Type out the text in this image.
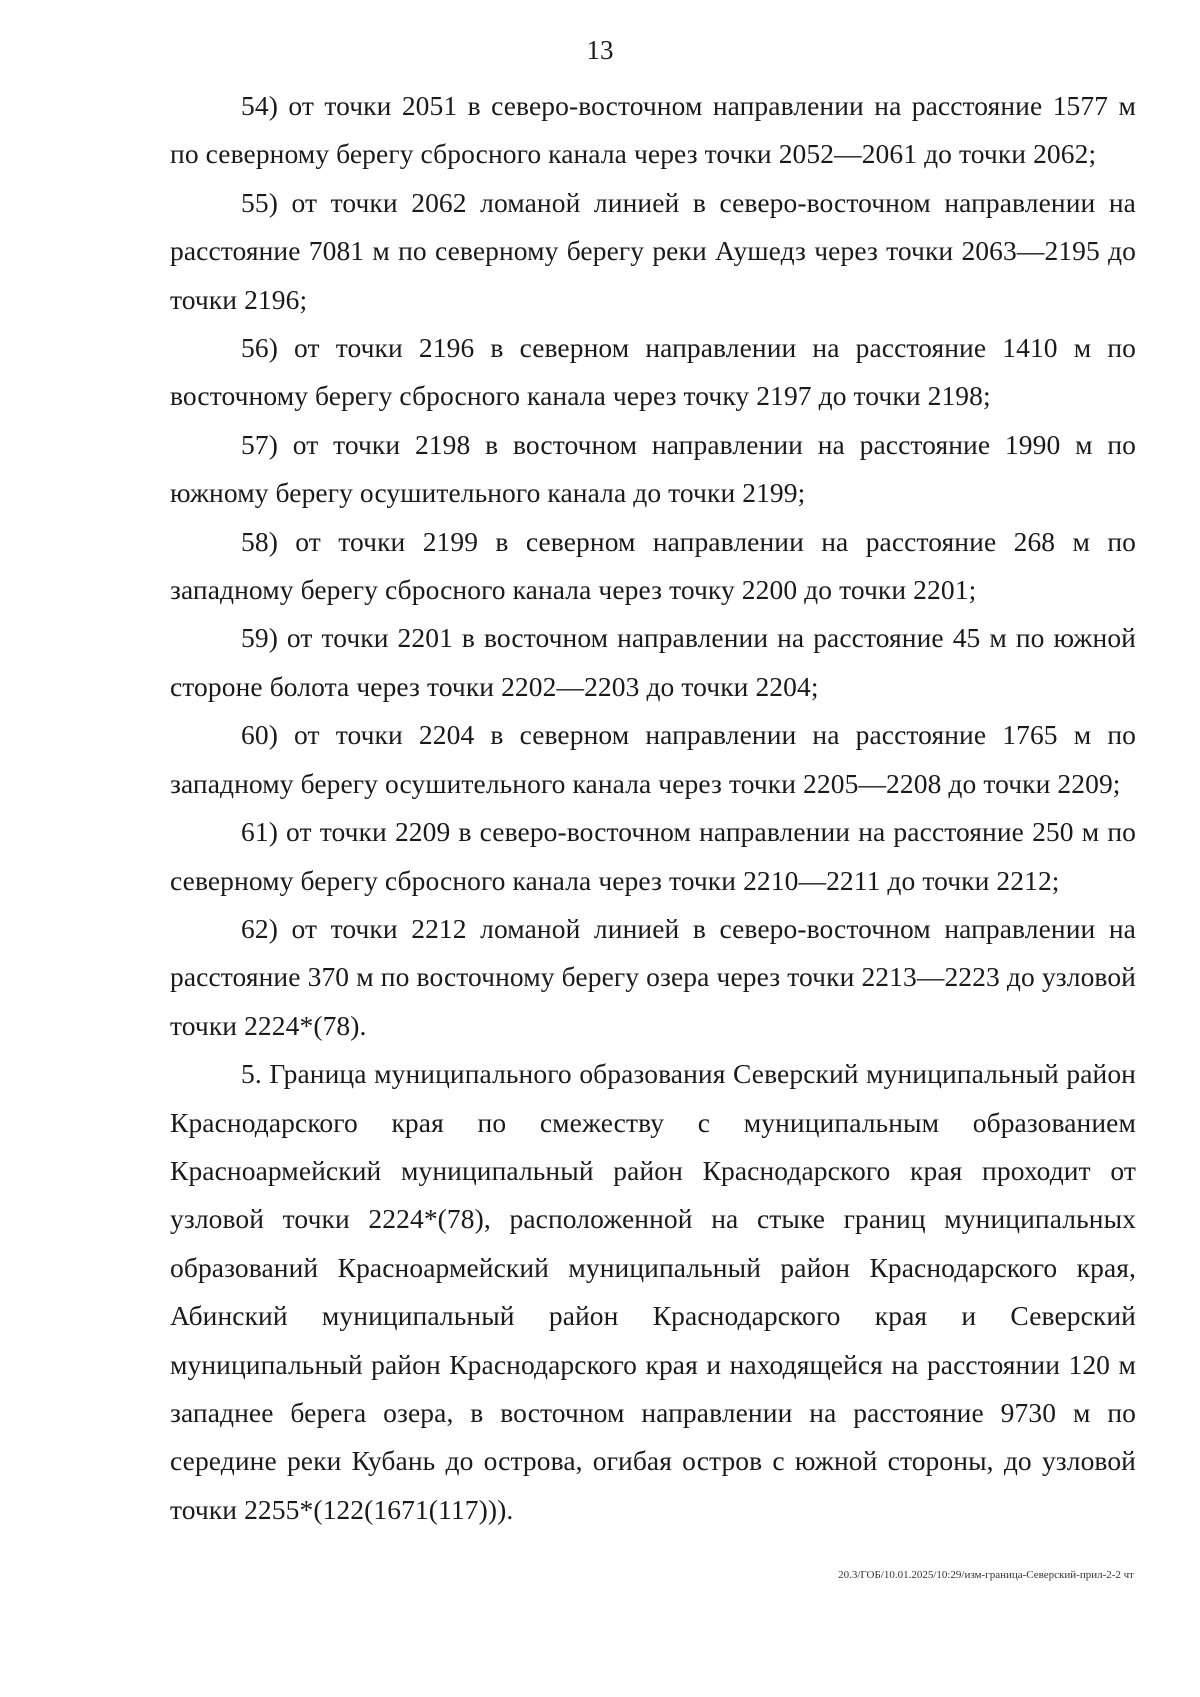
13

54) от точки 2051 в северо-восточном направлении на расстояние 1577 м по северному берегу сбросного канала через точки 2052—2061 до точки 2062;

55) от точки 2062 ломаной линией в северо-восточном направлении на расстояние 7081 м по северному берегу реки Аушедз через точки 2063—2195 до точки 2196;

56) от точки 2196 в северном направлении на расстояние 1410 м по восточному берегу сбросного канала через точку 2197 до точки 2198;

57) от точки 2198 в восточном направлении на расстояние 1990 м по южному берегу осушительного канала до точки 2199;

58) от точки 2199 в северном направлении на расстояние 268 м по западному берегу сбросного канала через точку 2200 до точки 2201;

59) от точки 2201 в восточном направлении на расстояние 45 м по южной стороне болота через точки 2202—2203 до точки 2204;

60) от точки 2204 в северном направлении на расстояние 1765 м по западному берегу осушительного канала через точки 2205—2208 до точки 2209;

61) от точки 2209 в северо-восточном направлении на расстояние 250 м по северному берегу сбросного канала через точки 2210—2211 до точки 2212;

62) от точки 2212 ломаной линией в северо-восточном направлении на расстояние 370 м по восточному берегу озера через точки 2213—2223 до узловой точки 2224*(78).

5. Граница муниципального образования Северский муниципальный район Краснодарского края по смежеству с муниципальным образованием Красноармейский муниципальный район Краснодарского края проходит от узловой точки 2224*(78), расположенной на стыке границ муниципальных образований Красноармейский муниципальный район Краснодарского края, Абинский муниципальный район Краснодарского края и Северский муниципальный район Краснодарского края и находящейся на расстоянии 120 м западнее берега озера, в восточном направлении на расстояние 9730 м по середине реки Кубань до острова, огибая остров с южной стороны, до узловой точки 2255*(122(1671(117))).

20.3/ГОБ/10.01.2025/10:29/изм-граница-Северский-прил-2-2 чт
